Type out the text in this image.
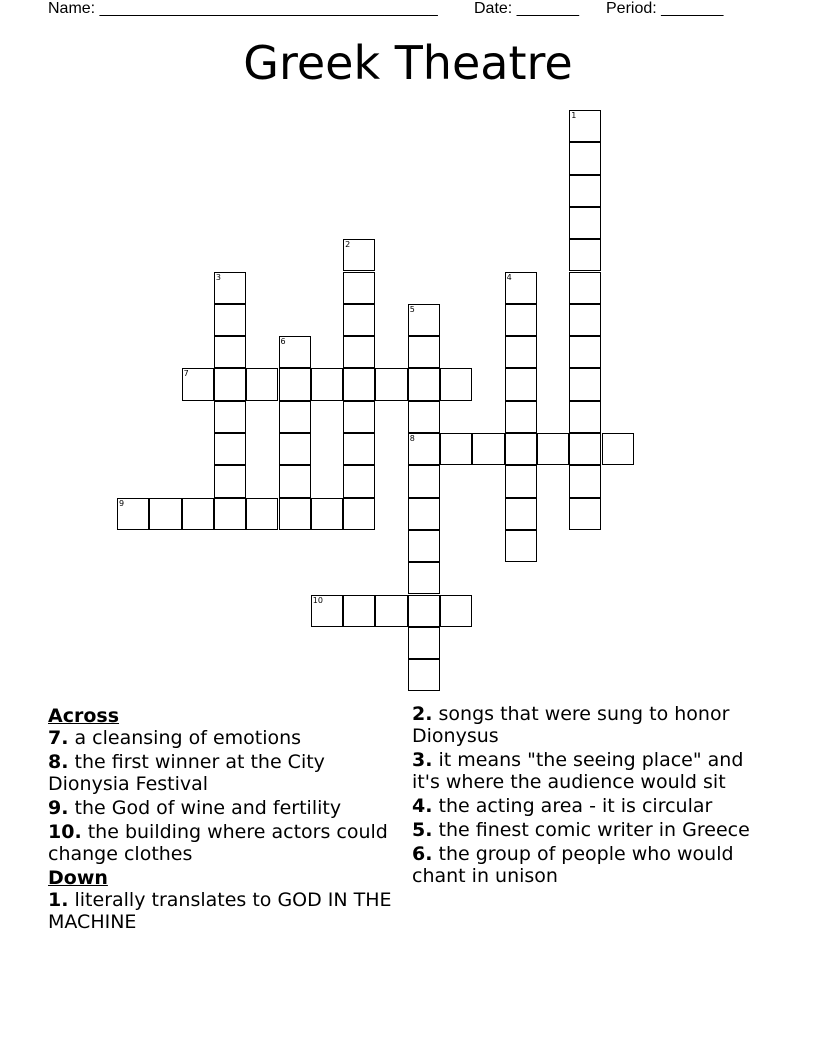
Name: ______________________________________ Date: _______ Period: _______
Greek Theatre
7
8
9
10
1
2
3	4
5
6
Across
7. a cleansing of emotions
8. the first winner at the City Dionysia Festival
9. the God of wine and fertility
10. the building where actors could change clothes
Down
1. literally translates to GOD IN THE MACHINE
2. songs that were sung to honor Dionysus
3. it means "the seeing place" and it's where the audience would sit
4. the acting area - it is circular
5. the finest comic writer in Greece
6. the group of people who would chant in unison
